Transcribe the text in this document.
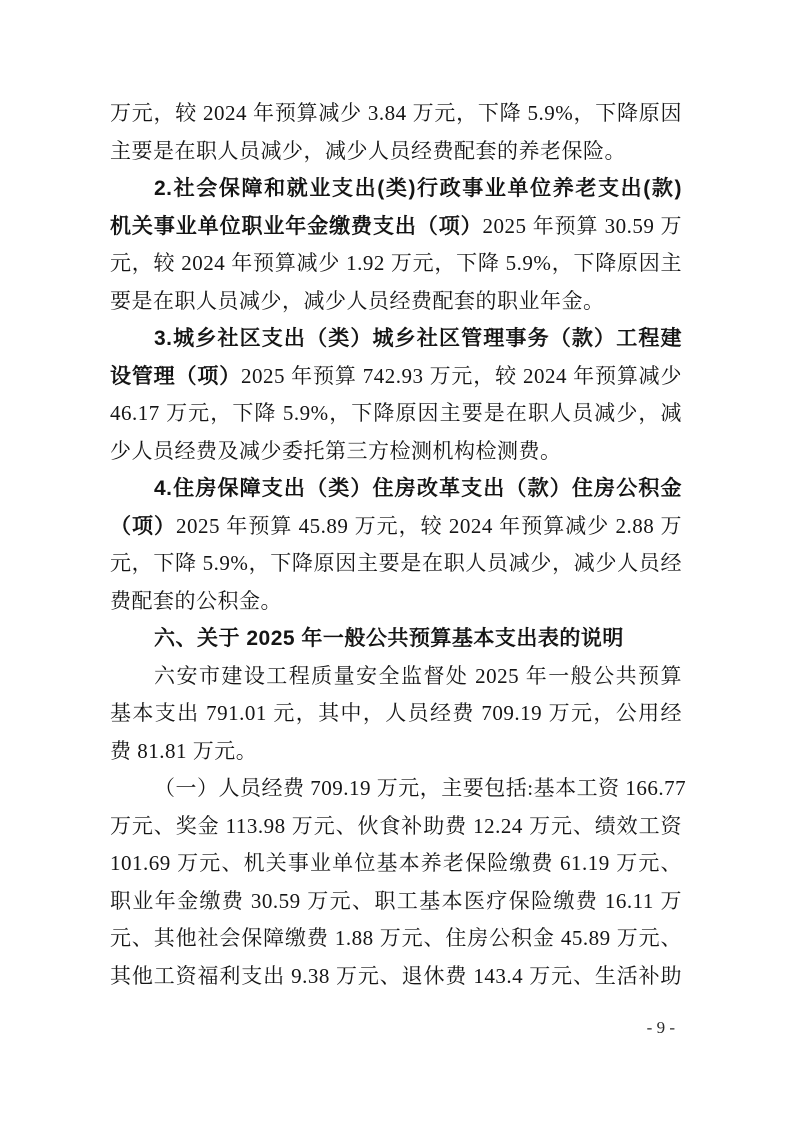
万元，较 2024 年预算减少 3.84 万元，下降 5.9%，下降原因
主要是在职人员减少，减少人员经费配套的养老保险。
2.社会保障和就业支出(类)行政事业单位养老支出(款)
机关事业单位职业年金缴费支出（项）2025 年预算 30.59 万
元，较 2024 年预算减少 1.92 万元，下降 5.9%，下降原因主
要是在职人员减少，减少人员经费配套的职业年金。
3.城乡社区支出（类）城乡社区管理事务（款）工程建
设管理（项）2025 年预算 742.93 万元，较 2024 年预算减少
46.17 万元，下降 5.9%，下降原因主要是在职人员减少，减
少人员经费及减少委托第三方检测机构检测费。
4.住房保障支出（类）住房改革支出（款）住房公积金
（项）2025 年预算 45.89 万元，较 2024 年预算减少 2.88 万
元，下降 5.9%，下降原因主要是在职人员减少，减少人员经
费配套的公积金。
六、关于 2025 年一般公共预算基本支出表的说明
六安市建设工程质量安全监督处 2025 年一般公共预算
基本支出 791.01 元，其中，人员经费 709.19 万元，公用经
费 81.81 万元。
（一）人员经费 709.19 万元，主要包括:基本工资 166.77
万元、奖金 113.98 万元、伙食补助费 12.24 万元、绩效工资
101.69 万元、机关事业单位基本养老保险缴费 61.19 万元、
职业年金缴费 30.59 万元、职工基本医疗保险缴费 16.11 万
元、其他社会保障缴费 1.88 万元、住房公积金 45.89 万元、
其他工资福利支出 9.38 万元、退休费 143.4 万元、生活补助
- 9 -
